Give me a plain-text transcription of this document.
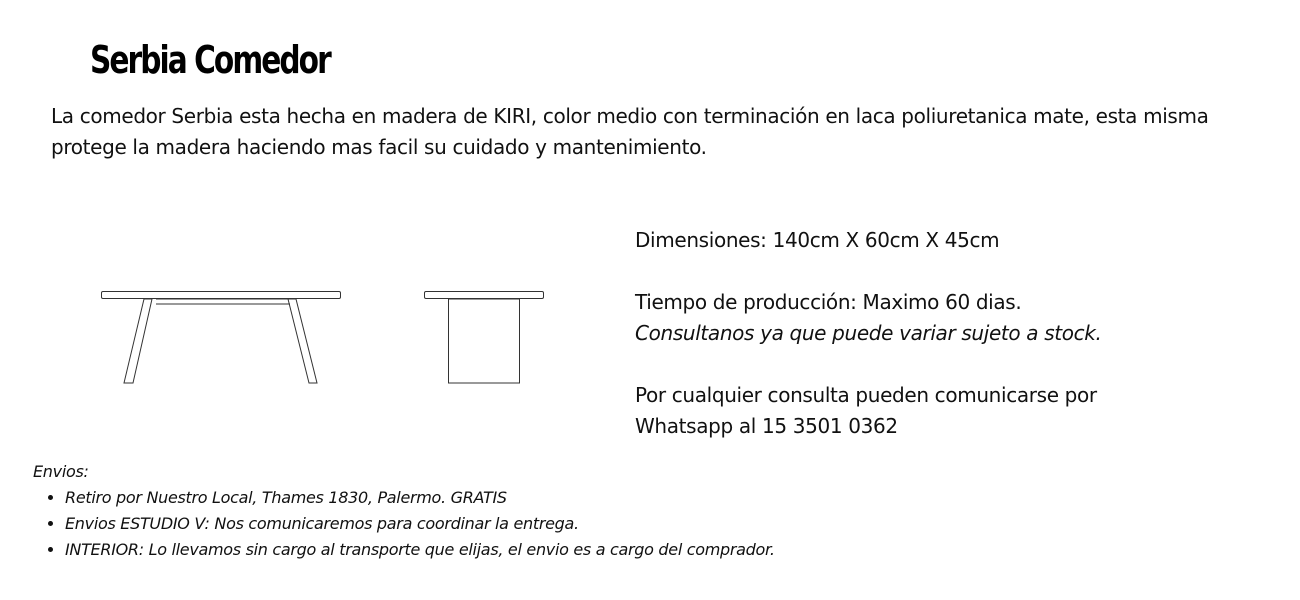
Serbia Comedor

La comedor Serbia esta hecha en madera de KIRI, color medio con terminación en laca poliuretanica mate, esta misma protege la madera haciendo mas facil su cuidado y mantenimiento.

Dimensiones: 140cm X 60cm X 45cm

Tiempo de producción: Maximo 60 dias.

Consultanos ya que puede variar sujeto a stock.

Por cualquier consulta pueden comunicarse por

Whatsapp al 15 3501 0362

Envios:

• Retiro por Nuestro Local, Thames 1830, Palermo. GRATIS
• Envios ESTUDIO V: Nos comunicaremos para coordinar la entrega.
• INTERIOR: Lo llevamos sin cargo al transporte que elijas, el envio es a cargo del comprador.
